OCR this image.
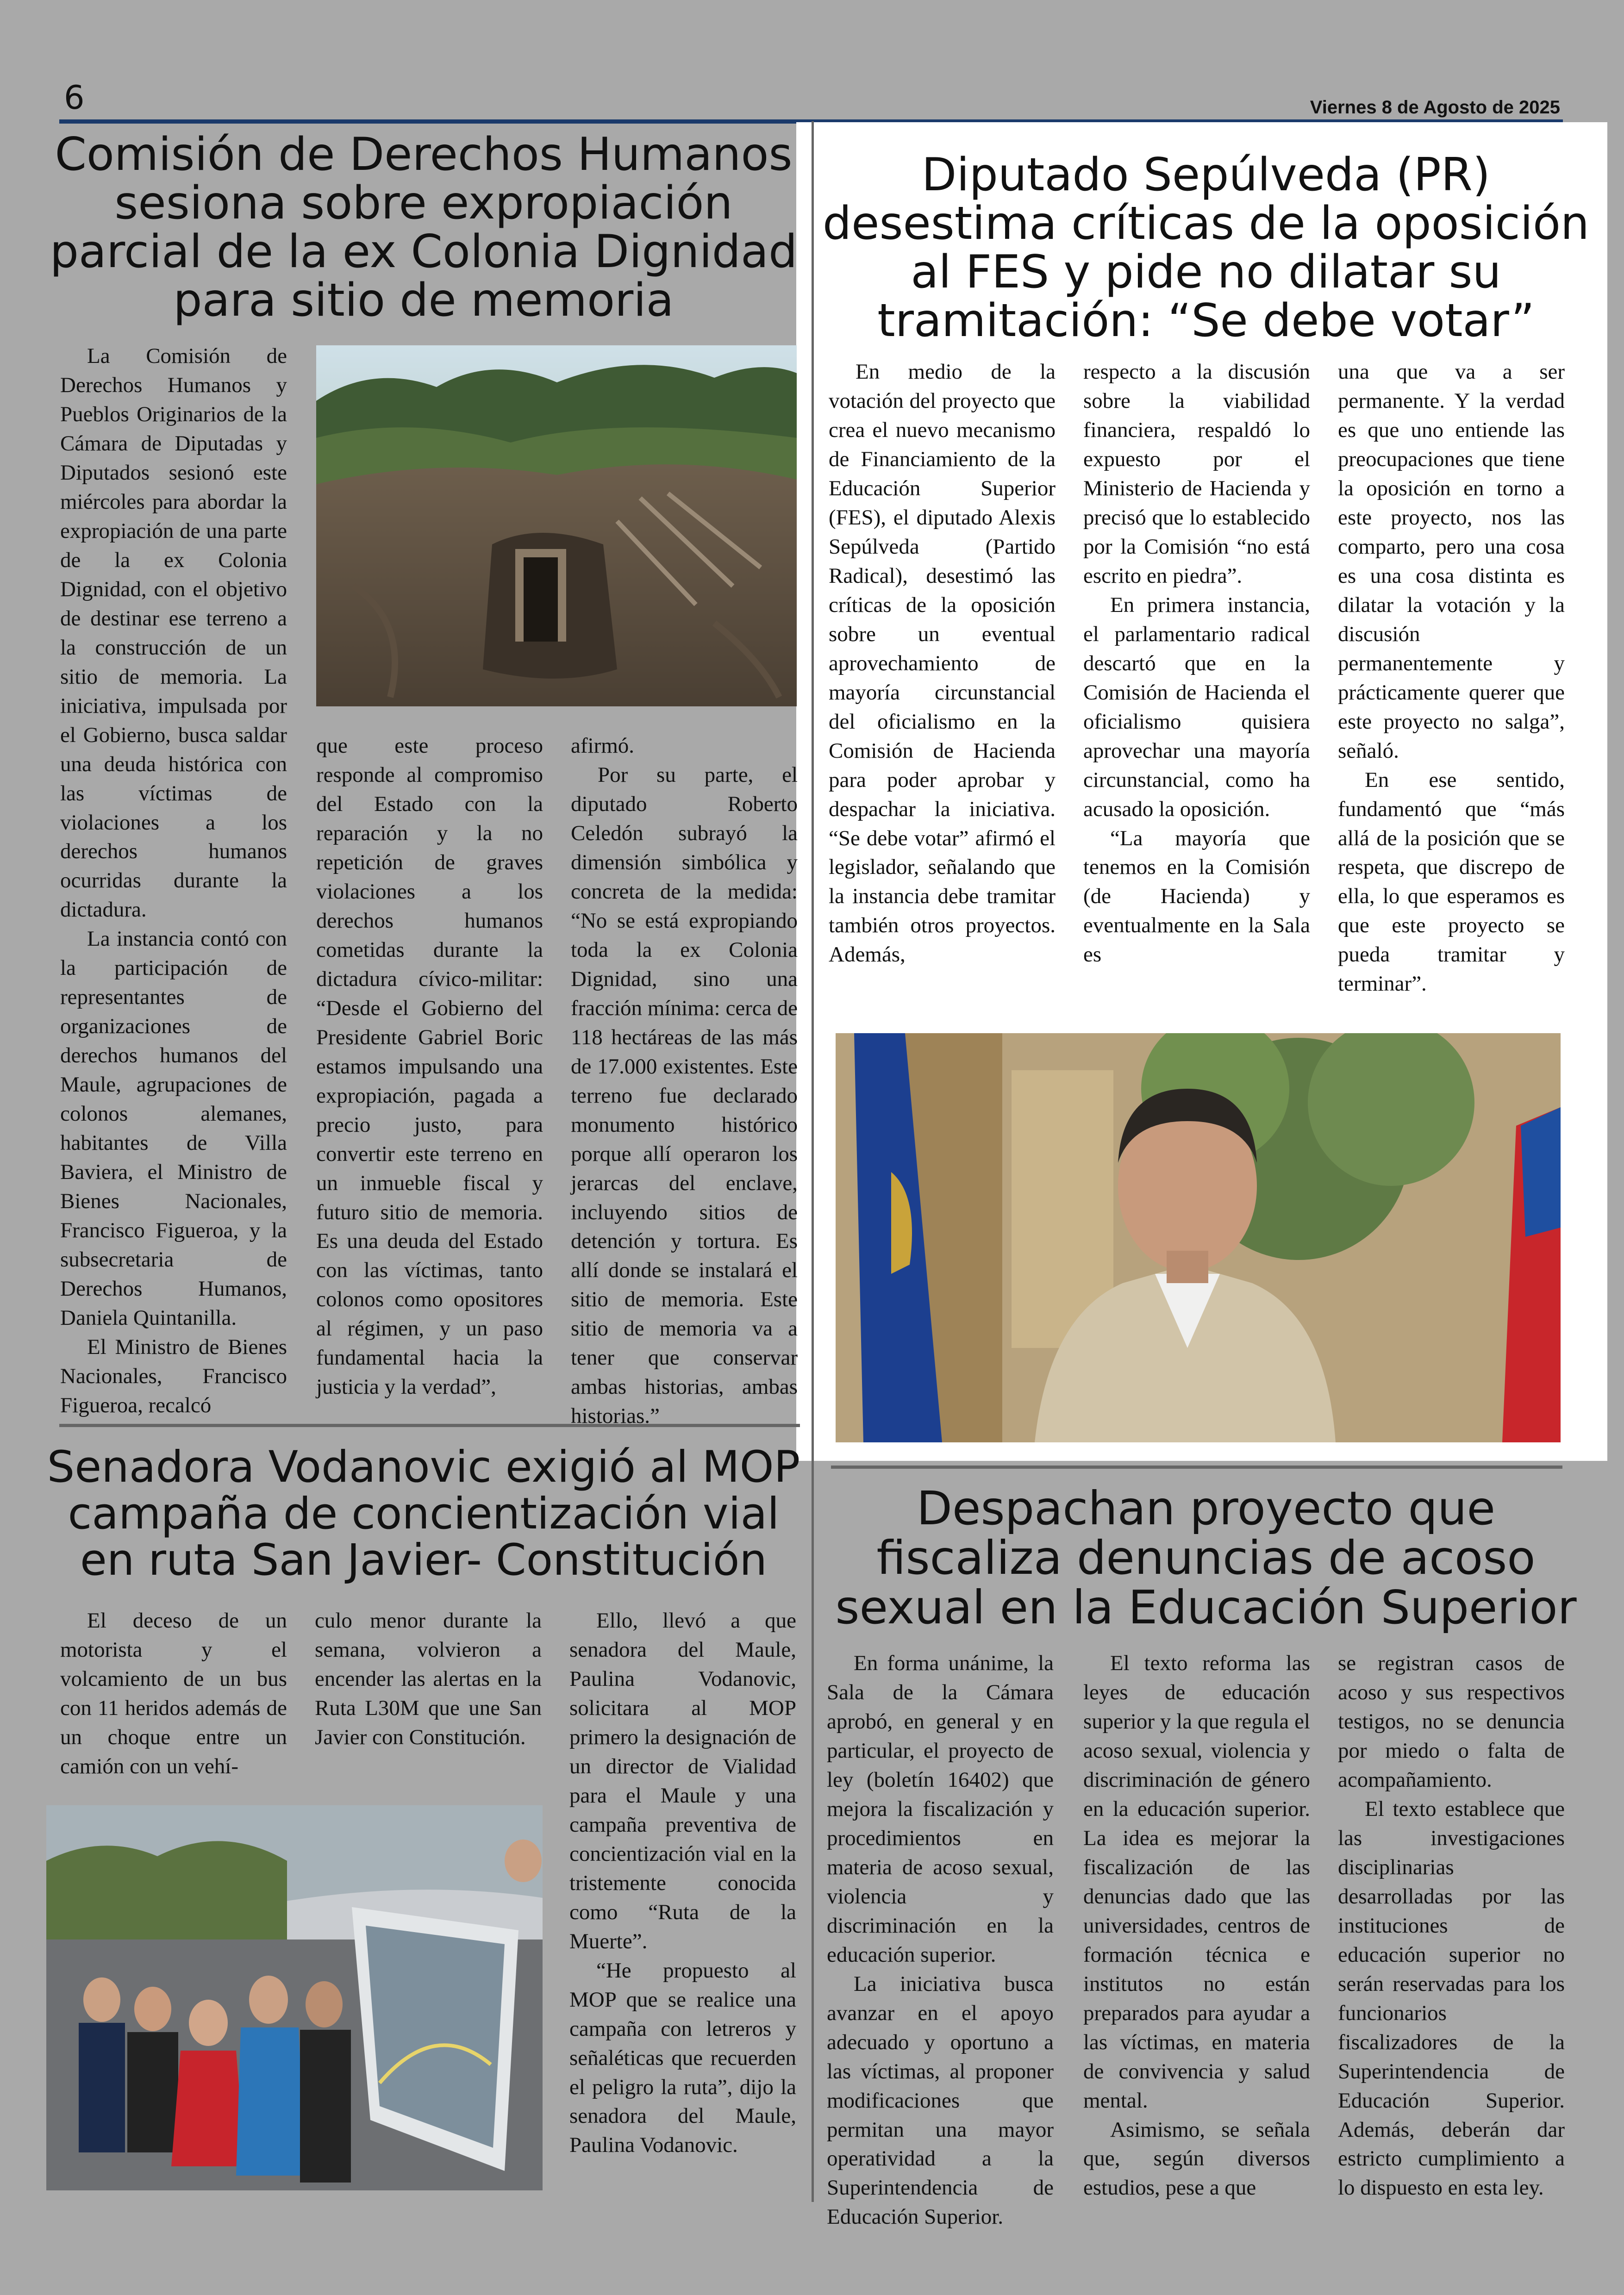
6	Viernes 8 de Agosto de 2025
Comisión de Derechos Humanos sesiona sobre expropiación parcial de la ex Colonia Dignidad para sitio de memoria

La Comisión de Derechos Humanos y Pueblos Originarios de la Cámara de Diputadas y Diputados sesionó este miércoles para abordar la expropiación de una parte de la ex Colonia Dignidad, con el objetivo de destinar ese terreno a la construcción de un sitio de memoria. La iniciativa, impulsada por el Gobierno, busca saldar una deuda histórica con las víctimas de violaciones a los derechos humanos ocurridas durante la dictadura.

La instancia contó con la participación de representantes de organizaciones de derechos humanos del Maule, agrupaciones de colonos alemanes, habitantes de Villa Baviera, el Ministro de Bienes Nacionales, Francisco Figueroa, y la subsecretaria de Derechos Humanos, Daniela Quintanilla.

El Ministro de Bienes Nacionales, Francisco Figueroa, recalcó

que este proceso responde al compromiso del Estado con la reparación y la no repetición de graves violaciones a los derechos humanos cometidas durante la dictadura cívico-militar: “Desde el Gobierno del Presidente Gabriel Boric estamos impulsando una expropiación, pagada a precio justo, para convertir este terreno en un inmueble fiscal y futuro sitio de memoria. Es una deuda del Estado con las víctimas, tanto colonos como opositores al régimen, y un paso fundamental hacia la justicia y la verdad”,

afirmó.

Por su parte, el diputado Roberto Celedón subrayó la dimensión simbólica y concreta de la medida: “No se está expropiando toda la ex Colonia Dignidad, sino una fracción mínima: cerca de 118 hectáreas de las más de 17.000 existentes. Este terreno fue declarado monumento histórico porque allí operaron los jerarcas del enclave, incluyendo sitios de detención y tortura. Es allí donde se instalará el sitio de memoria. Este sitio de memoria va a tener que conservar ambas historias, ambas historias.”

Diputado Sepúlveda (PR) desestima críticas de la oposición al FES y pide no dilatar su tramitación: “Se debe votar”

En medio de la votación del proyecto que crea el nuevo mecanismo de Financiamiento de la Educación Superior (FES), el diputado Alexis Sepúlveda (Partido Radical), desestimó las críticas de la oposición sobre un eventual aprovechamiento de mayoría circunstancial del oficialismo en la Comisión de Hacienda para poder aprobar y despachar la iniciativa. “Se debe votar” afirmó el legislador, señalando que la instancia debe tramitar también otros proyectos. Además,

respecto a la discusión sobre la viabilidad financiera, respaldó lo expuesto por el Ministerio de Hacienda y precisó que lo establecido por la Comisión “no está escrito en piedra”.

En primera instancia, el parlamentario radical descartó que en la Comisión de Hacienda el oficialismo quisiera aprovechar una mayoría circunstancial, como ha acusado la oposición.

“La mayoría que tenemos en la Comisión (de Hacienda) y eventualmente en la Sala es

una que va a ser permanente. Y la verdad es que uno entiende las preocupaciones que tiene la oposición en torno a este proyecto, nos las comparto, pero una cosa es una cosa distinta es dilatar la votación y la discusión permanentemente y prácticamente querer que este proyecto no salga”, señaló.

En ese sentido, fundamentó que “más allá de la posición que se respeta, que discrepo de ella, lo que esperamos es que este proyecto se pueda tramitar y terminar”.

Senadora Vodanovic exigió al MOP campaña de concientización vial en ruta San Javier- Constitución

El deceso de un motorista y el volcamiento de un bus con 11 heridos además de un choque entre un camión con un vehí-

culo menor durante la semana, volvieron a encender las alertas en la Ruta L30M que une San Javier con Constitución.

Ello, llevó a que senadora del Maule, Paulina Vodanovic, solicitara al MOP primero la designación de un director de Vialidad para el Maule y una campaña preventiva de concientización vial en la tristemente conocida como “Ruta de la Muerte”.

“He propuesto al MOP que se realice una campaña con letreros y señaléticas que recuerden el peligro la ruta”, dijo la senadora del Maule, Paulina Vodanovic.

Despachan proyecto que fiscaliza denuncias de acoso sexual en la Educación Superior

En forma unánime, la Sala de la Cámara aprobó, en general y en particular, el proyecto de ley (boletín 16402) que mejora la fiscalización y procedimientos en materia de acoso sexual, violencia y discriminación en la educación superior.

La iniciativa busca avanzar en el apoyo adecuado y oportuno a las víctimas, al proponer modificaciones que permitan una mayor operatividad a la Superintendencia de Educación Superior.

El texto reforma las leyes de educación superior y la que regula el acoso sexual, violencia y discriminación de género en la educación superior. La idea es mejorar la fiscalización de las denuncias dado que las universidades, centros de formación técnica e institutos no están preparados para ayudar a las víctimas, en materia de convivencia y salud mental.

Asimismo, se señala que, según diversos estudios, pese a que

se registran casos de acoso y sus respectivos testigos, no se denuncia por miedo o falta de acompañamiento.

El texto establece que las investigaciones disciplinarias desarrolladas por las instituciones de educación superior no serán reservadas para los funcionarios fiscalizadores de la Superintendencia de Educación Superior. Además, deberán dar estricto cumplimiento a lo dispuesto en esta ley.
